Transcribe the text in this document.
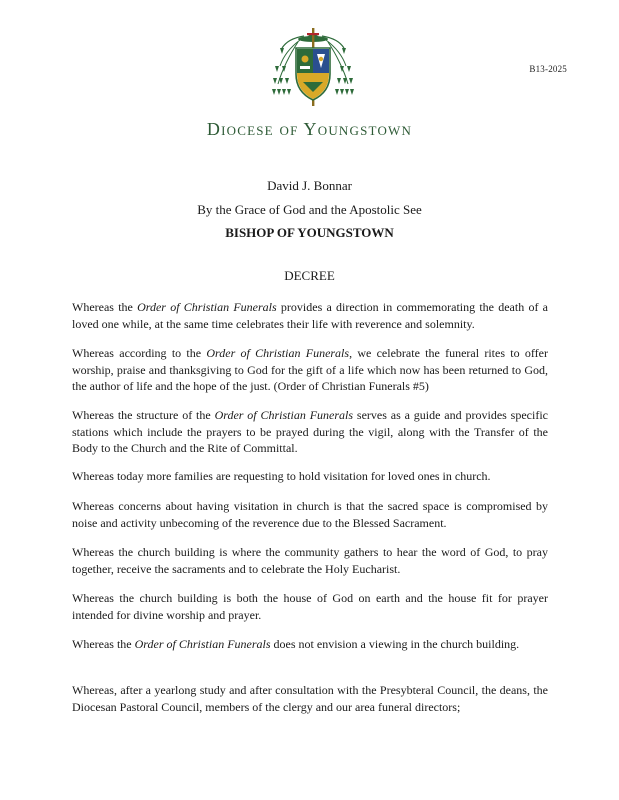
B13-2025
Diocese of Youngstown
David J. Bonnar
By the Grace of God and the Apostolic See
BISHOP OF YOUNGSTOWN
DECREE

Whereas the Order of Christian Funerals provides a direction in commemorating the death of a loved one while, at the same time celebrates their life with reverence and solemnity.

Whereas according to the Order of Christian Funerals, we celebrate the funeral rites to offer worship, praise and thanksgiving to God for the gift of a life which now has been returned to God, the author of life and the hope of the just. (Order of Christian Funerals #5)

Whereas the structure of the Order of Christian Funerals serves as a guide and provides specific stations which include the prayers to be prayed during the vigil, along with the Transfer of the Body to the Church and the Rite of Committal.

Whereas today more families are requesting to hold visitation for loved ones in church.

Whereas concerns about having visitation in church is that the sacred space is compromised by noise and activity unbecoming of the reverence due to the Blessed Sacrament.

Whereas the church building is where the community gathers to hear the word of God, to pray together, receive the sacraments and to celebrate the Holy Eucharist.

Whereas the church building is both the house of God on earth and the house fit for prayer intended for divine worship and prayer.

Whereas the Order of Christian Funerals does not envision a viewing in the church building.

Whereas, after a yearlong study and after consultation with the Presybteral Council, the deans, the Diocesan Pastoral Council, members of the clergy and our area funeral directors;
